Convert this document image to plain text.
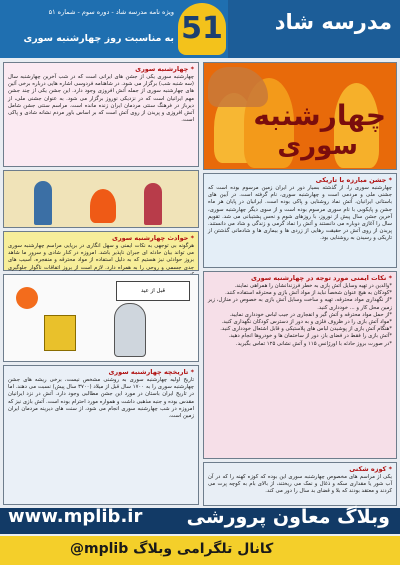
مدرسه شاد
51
ویژه نامه مدرسه شاد - دوره سوم - شماره ۵۱
به مناسبت روز چهارشنبه سوری
* چهارشنبه سوری
چهارشنبه سوری یکی از جشن های ایرانی است که در شب آخرین چهارشنبه سال (سه شنبه شب) برگزار می شود. در شاهنامه فردوسی اشاره هایی درباره برخی آئین های چهارشنبه سوری از جمله آتش افروزی وجود دارد. این جشن یکی از چند جشن مهم ایرانیان است که در نزدیکی نوروز برگزار می شود. به عنوان جشنی ملی، از دیرباز در فرهنگ سنتی مردمان ایران زنده مانده است. مراسم سنتی جشن شامل آتش افروزی و پریدن از روی آتش است که بر اساس باور مردم نشانه شادی و پاکی است. چهارشنبه
سوری
* جشن مبارزه با تاریکی
چهارشنبه سوری را، از گذشته بسیار دور در ایران زمین مرسوم بوده است که جشنی ملی و مردمی است و چهارشنبه سوری، نام گرفته است. در آیین های باستانی ایرانیان، آتش نماد روشنایی و پاکی بوده است. ایرانیان در پایان هر ماه جشن و پایکوبی با نام سوری مرسوم بوده است و از سوی دیگر چهارشنبه سوری، آخرین جشن سال پیش از نوروز، با روزهای شوم و نحس پشتیبانی می شد. تقویم سال را آغازی دوباره می دانستند و آتش را نماد گرمی و زندگی و شاد می دانستند. پریدن از روی آتش در حقیقت رهایی از زردی ها و بیماری ها و شادمانی گذشتن از تاریکی و رسیدن به روشنایی بود.
* حوادث چهارشنبه سوری
هرگونه بی توجهی به نکات ایمنی و سهل انگاری در برپایی مراسم چهارشنبه سوری می تواند بیان حادثه ای جبران ناپذیر باشد. امروزه در کنار شادی و سرور ما شاهد بروز حوادثی نیز هستیم که به دلیل استفاده از مواد محترقه و منفجره، آسیب های جدی جسمی و روحی را به همراه دارد. لازم است از بروز اتفاقات ناگوار جلوگیری
قبل از عید
* نکات ایمنی مورد توجه در چهارشنبه سوری
*والدین در تهیه وسایل آتش بازی به خطر فرزندانشان را همراهی نمایند.
*کودکان به هیچ عنوان شخصاً نباید از مواد آتش بازی و محترقه استفاده کنند.
*از نگهداری مواد محترقه، تهیه و ساخت وسایل آتش بازی به خصوص در منازل، زیر زمین محل کار و ... خودداری کنید.
*از حمل مواد محترقه و آتش گیر و انفجاری در جیب لباس خودداری نمایید.
*مواد آتش بازی را در ظروف فلزی و به دور از دسترس کودکان نگهداری کنید.
*هنگام آتش بازی از پوشیدن لباس های پلاستیکی و قابل اشتعال خودداری کنید.
*آتش بازی را فقط در فضای باز، دور از ساختمان ها و خودروها انجام دهید.
*در صورت بروز حادثه با اورژانس ۱۱۵ و آتش نشانی ۱۲۵ تماس بگیرید.
* تاریخچه چهارشنبه سوری
تاریخ اولیه چهارشنبه سوری به روشنی مشخص نیست، برخی ریشه های جشن چهارشنبه سوری را به ۱۷۰۰ سال قبل از میلاد (۳۷۰۰ سال پیش) نسبت می دهند. اما در تاریخ ایران باستان در مورد این جشن مطالبی وجود دارد. آتش در نزد ایرانیان مقدس بوده و جنبه مذهبی داشت و همواره مورد احترام بوده است. آتش بازی نیز که امروزه در شب چهارشنبه سوری انجام می شود، از سنت های دیرینه مردمان ایران زمین است.
* کوزه شکنی
یکی از مراسم های مخصوص چهارشنبه سوری این بوده که کوزه کهنه را که در آن آب شور یا مقداری سکه و ذغال و نمک می ریختند، از بالای بام به کوچه پرت می کردند و معتقد بودند که بلا و قضای بد سال را دور می کند.
www.mplib.ir وبلاگ معاون پرورشی
@mplib کانال تلگرامی وبلاگ
